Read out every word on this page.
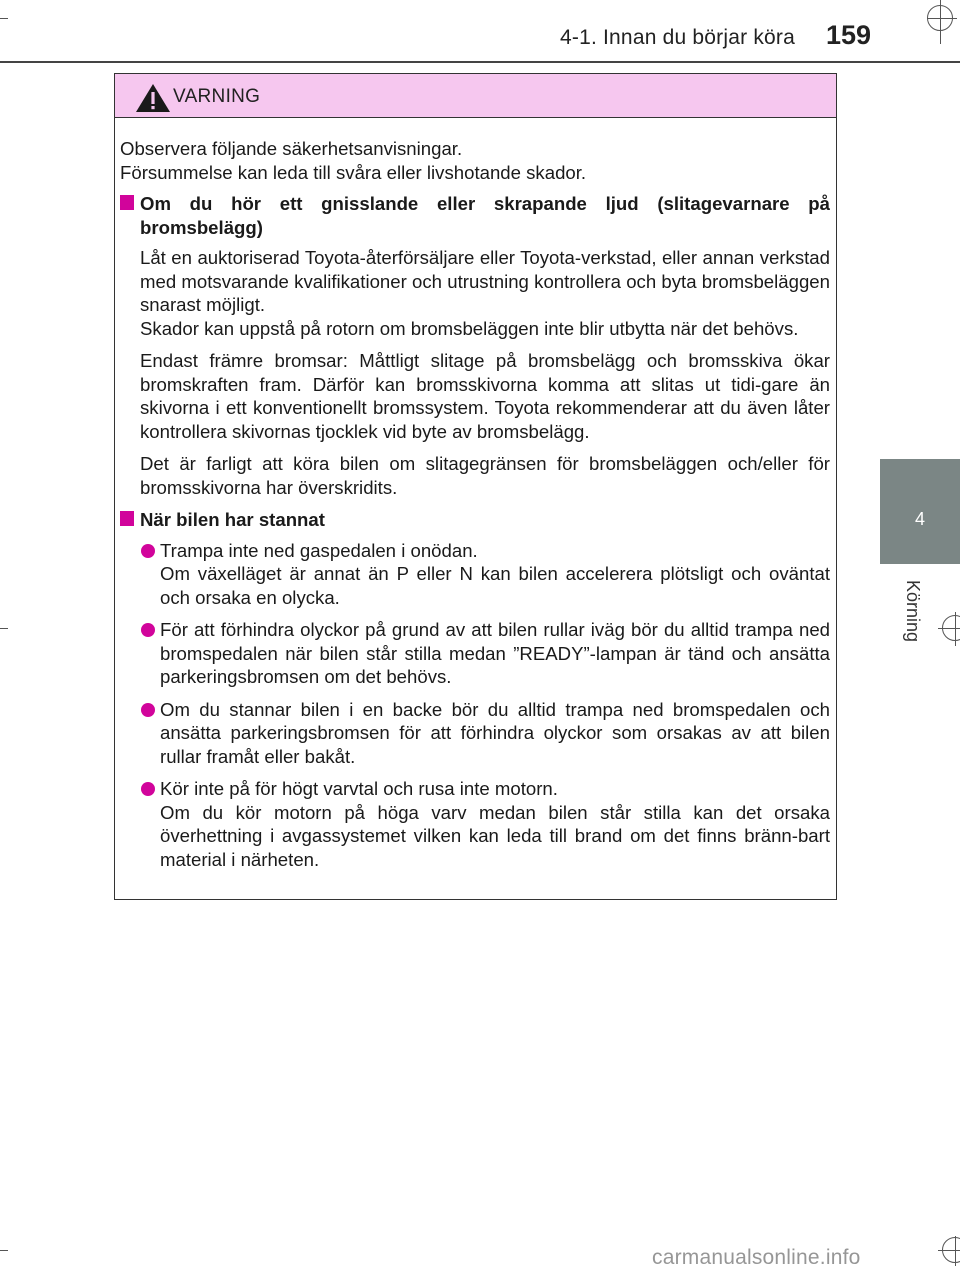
4-1. Innan du börjar köra 159
4
Körning
VARNING

Observera följande säkerhetsanvisningar.
Försummelse kan leda till svåra eller livshotande skador.

Om du hör ett gnisslande eller skrapande ljud (slitagevarnare på bromsbelägg)

Låt en auktoriserad Toyota-återförsäljare eller Toyota-verkstad, eller annan verkstad med motsvarande kvalifikationer och utrustning kontrollera och byta bromsbeläggen snarast möjligt.

Skador kan uppstå på rotorn om bromsbeläggen inte blir utbytta när det behövs.

Endast främre bromsar: Måttligt slitage på bromsbelägg och bromsskiva ökar bromskraften fram. Därför kan bromsskivorna komma att slitas ut tidi-gare än skivorna i ett konventionellt bromssystem. Toyota rekommenderar att du även låter kontrollera skivornas tjocklek vid byte av bromsbelägg.

Det är farligt att köra bilen om slitagegränsen för bromsbeläggen och/eller för bromsskivorna har överskridits.

När bilen har stannat

Trampa inte ned gaspedalen i onödan.

Om växelläget är annat än P eller N kan bilen accelerera plötsligt och oväntat och orsaka en olycka.

För att förhindra olyckor på grund av att bilen rullar iväg bör du alltid trampa ned bromspedalen när bilen står stilla medan ”READY”-lampan är tänd och ansätta parkeringsbromsen om det behövs.

Om du stannar bilen i en backe bör du alltid trampa ned bromspedalen och ansätta parkeringsbromsen för att förhindra olyckor som orsakas av att bilen rullar framåt eller bakåt.

Kör inte på för högt varvtal och rusa inte motorn.

Om du kör motorn på höga varv medan bilen står stilla kan det orsaka överhettning i avgassystemet vilken kan leda till brand om det finns bränn-bart material i närheten.

carmanualsonline.info
